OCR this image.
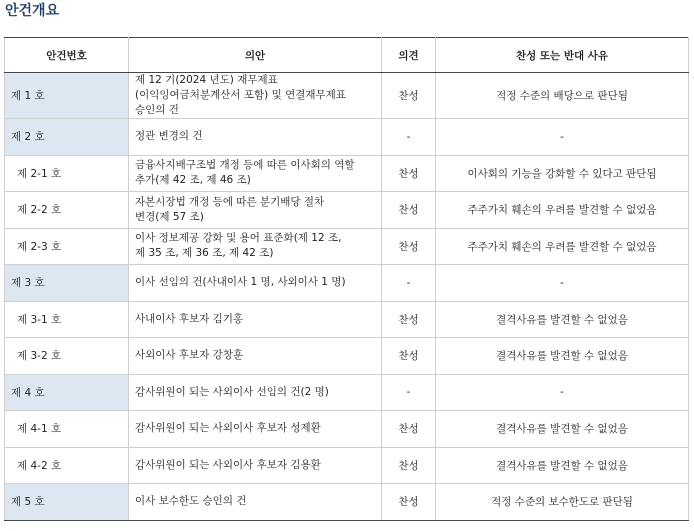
안건개요
안건번호	의안	의견	찬성 또는 반대 사유
제 1 호	제 12 기(2024 년도) 재무제표
(이익잉여금처분계산서 포함) 및 연결재무제표
승인의 건	찬성	적정 수준의 배당으로 판단됨
제 2 호	정관 변경의 건	-	-
제 2-1 호	금융사지배구조법 개정 등에 따른 이사회의 역할
추가(제 42 조, 제 46 조)	찬성	이사회의 기능을 강화할 수 있다고 판단됨
제 2-2 호	자본시장법 개정 등에 따른 분기배당 절차
변경(제 57 조)	찬성	주주가치 훼손의 우려를 발견할 수 없었음
제 2-3 호	이사 정보제공 강화 및 용어 표준화(제 12 조,
제 35 조, 제 36 조, 제 42 조)	찬성	주주가치 훼손의 우려를 발견할 수 없었음
제 3 호	이사 선임의 건(사내이사 1 명, 사외이사 1 명)	-	-
제 3-1 호	사내이사 후보자 김기홍	찬성	결격사유를 발견할 수 없었음
제 3-2 호	사외이사 후보자 강창훈	찬성	결격사유를 발견할 수 없었음
제 4 호	감사위원이 되는 사외이사 선임의 건(2 명)	-	-
제 4-1 호	감사위원이 되는 사외이사 후보자 성제환	찬성	결격사유를 발견할 수 없었음
제 4-2 호	감사위원이 되는 사외이사 후보자 김용환	찬성	결격사유를 발견할 수 없었음
제 5 호	이사 보수한도 승인의 건	찬성	적정 수준의 보수한도로 판단됨
